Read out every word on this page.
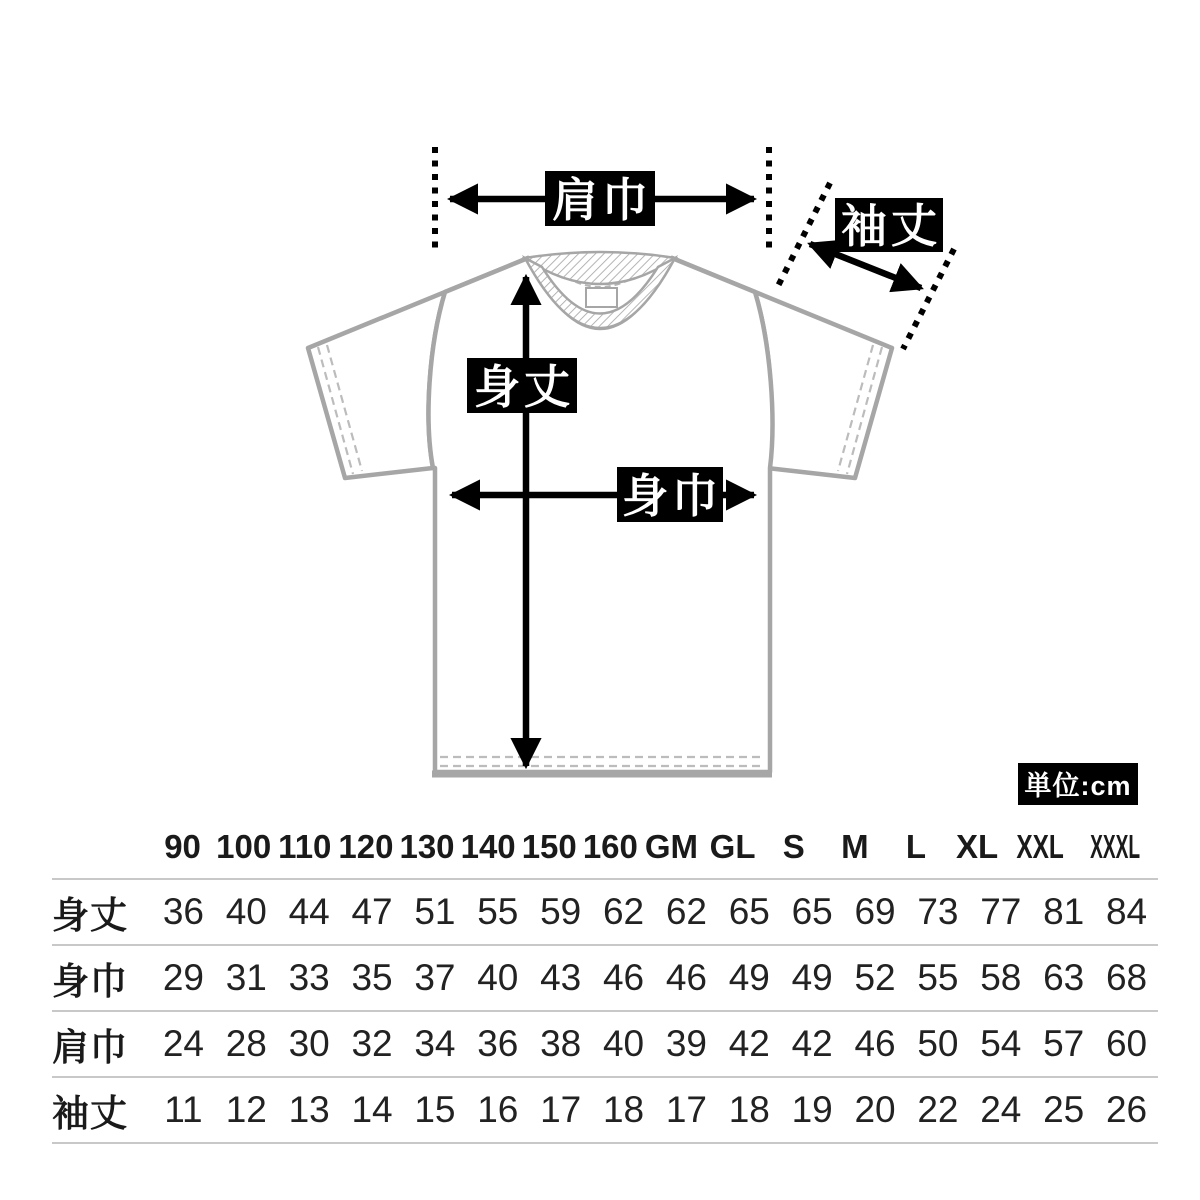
肩巾	袖丈
身丈
身巾
単位:cm
90 100 110 120 130 140 150 160 GM GL S	M	L XL XXL XXXL
身丈 36 40 44 47 51 55 59 62 62 65 65 69 73 77 81 84
身巾 29 31 33 35 37 40 43 46 46 49 49 52 55 58 63 68
肩巾 24 28 30 32 34 36 38 40 39 42 42 46 50 54 57 60
袖丈 11 12 13 14 15 16 17 18 17 18 19 20 22 24 25 26
